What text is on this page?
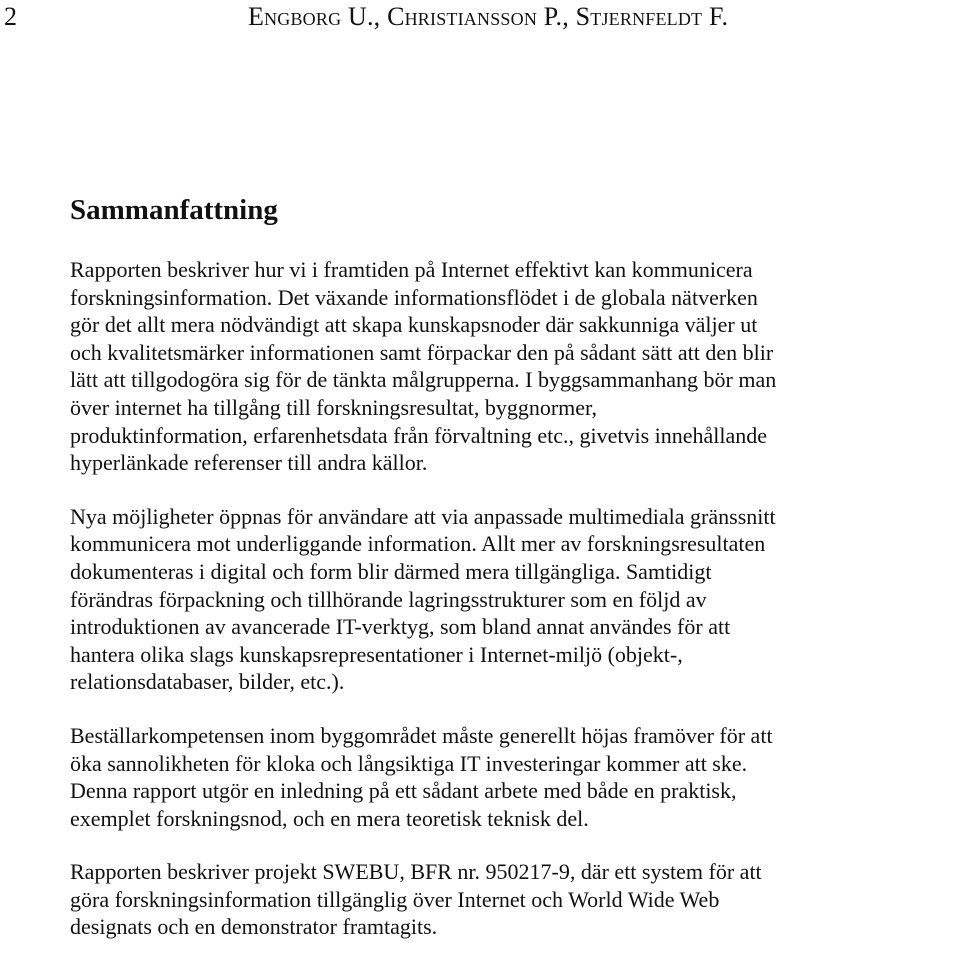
2	Engborg U., Christiansson P., Stjernfeldt F.
Sammanfattning

Rapporten beskriver hur vi i framtiden på Internet effektivt kan kommunicera
forskningsinformation. Det växande informationsflödet i de globala nätverken
gör det allt mera nödvändigt att skapa kunskapsnoder där sakkunniga väljer ut
och kvalitetsmärker informationen samt förpackar den på sådant sätt att den blir
lätt att tillgodogöra sig för de tänkta målgrupperna. I byggsammanhang bör man
över internet ha tillgång till forskningsresultat, byggnormer,
produktinformation, erfarenhetsdata från förvaltning etc., givetvis innehållande
hyperlänkade referenser till andra källor.

Nya möjligheter öppnas för användare att via anpassade multimediala gränssnitt
kommunicera mot underliggande information. Allt mer av forskningsresultaten
dokumenteras i digital och form blir därmed mera tillgängliga. Samtidigt
förändras förpackning och tillhörande lagringsstrukturer som en följd av
introduktionen av avancerade IT-verktyg, som bland annat användes för att
hantera olika slags kunskapsrepresentationer i Internet-miljö (objekt-,
relationsdatabaser, bilder, etc.).

Beställarkompetensen inom byggområdet måste generellt höjas framöver för att
öka sannolikheten för kloka och långsiktiga IT investeringar kommer att ske.
Denna rapport utgör en inledning på ett sådant arbete med både en praktisk,
exemplet forskningsnod, och en mera teoretisk teknisk del.

Rapporten beskriver projekt SWEBU, BFR nr. 950217-9, där ett system för att
göra forskningsinformation tillgänglig över Internet och World Wide Web
designats och en demonstrator framtagits.
